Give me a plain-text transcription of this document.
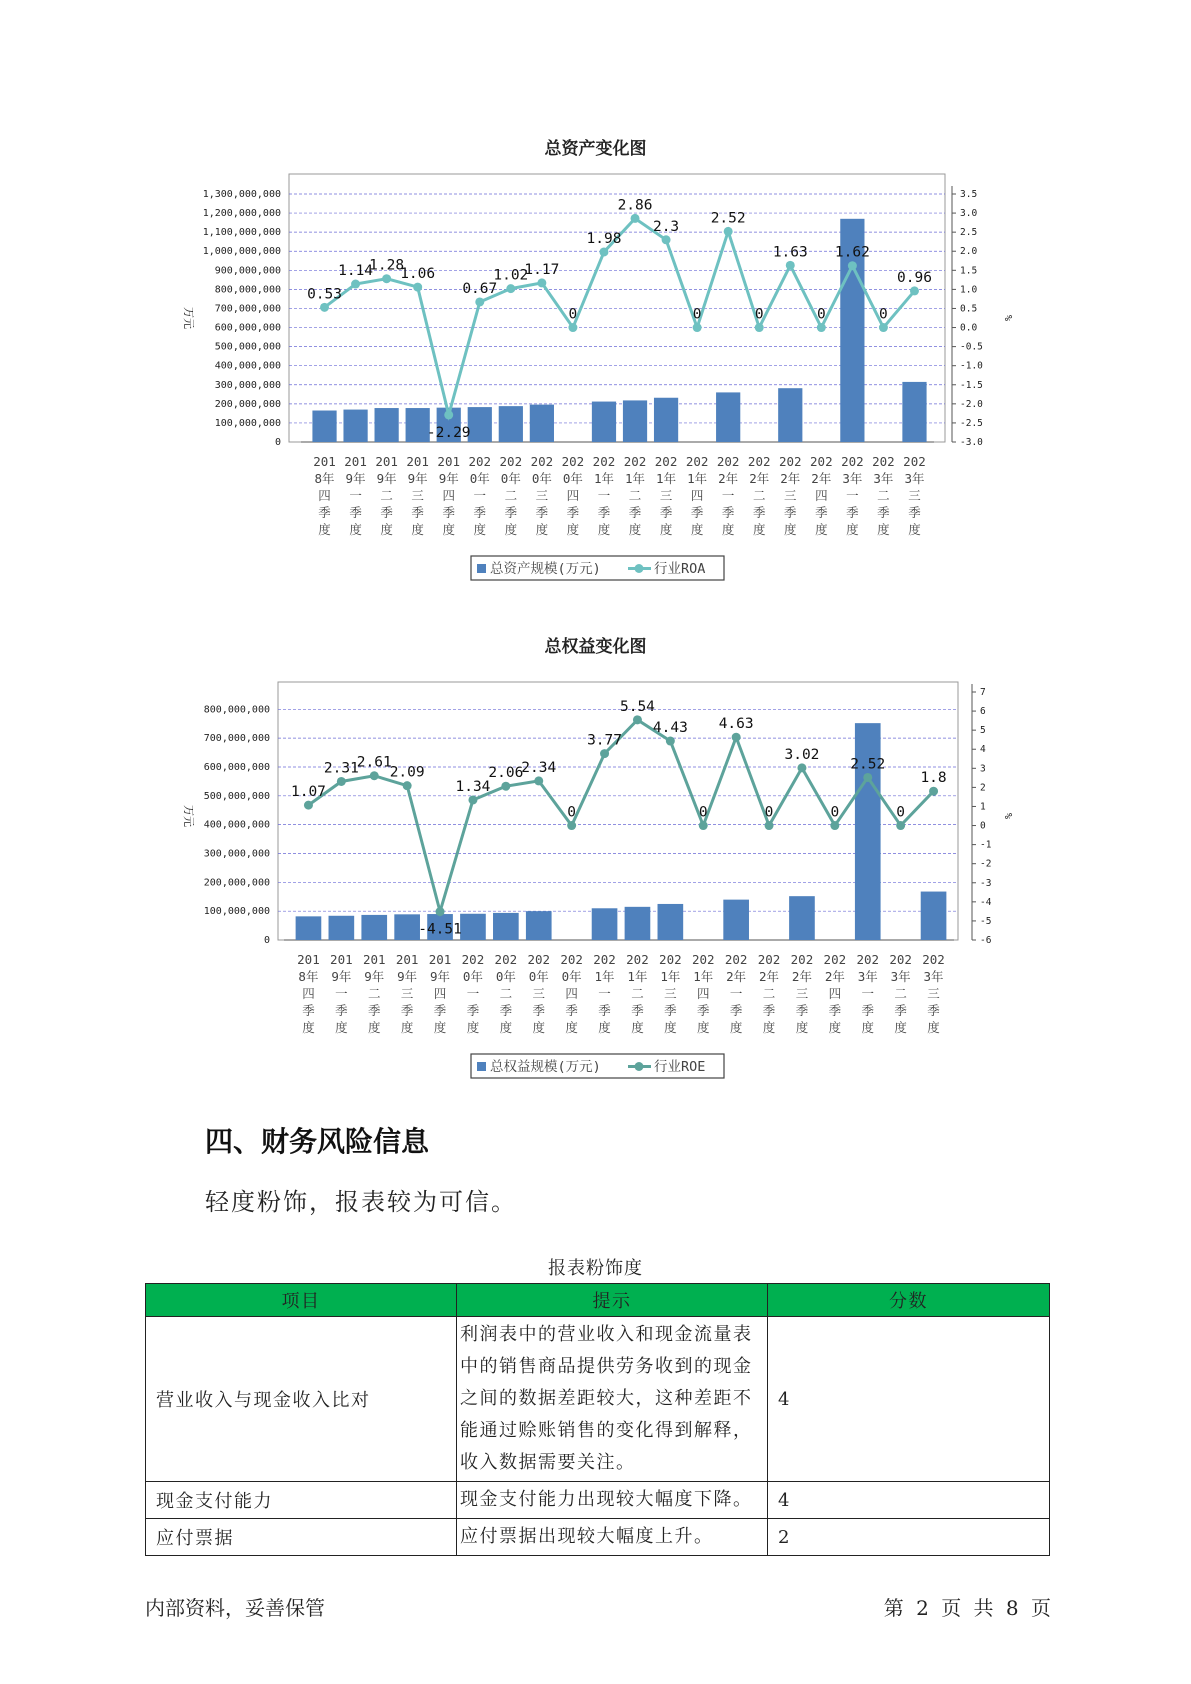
总资产变化图
0
100,000,000
200,000,000
300,000,000
400,000,000
500,000,000
600,000,000
700,000,000
800,000,000
900,000,000
1,000,000,000
1,100,000,000
1,200,000,000
1,300,000,000
-3.0
-2.5
-2.0
-1.5
-1.0
-0.5
0.0
0.5
1.0
1.5
2.0
2.5
3.0
3.5
万元	%
0.53
1.14
1.28
1.06
-2.29
0.67
1.02
1.17
0
1.98
2.86
2.3
0
2.52
0
1.63
0
1.62
0
0.96
201
8年
四
季
度
201
9年
一
季
度
201
9年
二
季
度
201
9年
三
季
度
201
9年
四
季
度
202
0年
一
季
度
202
0年
二
季
度
202
0年
三
季
度
202
0年
四
季
度
202
1年
一
季
度
202
1年
二
季
度
202
1年
三
季
度
202
1年
四
季
度
202
2年
一
季
度
202
2年
二
季
度
202
2年
三
季
度
202
2年
四
季
度
202
3年
一
季
度
202
3年
二
季
度
202
3年
三
季
度
总资产规模(万元)	行业ROA
总权益变化图
0
100,000,000
200,000,000
300,000,000
400,000,000
500,000,000
600,000,000
700,000,000
800,000,000
-6
-5
-4
-3
-2
-1
0
1
2
3
4
5
6
7
万元	%
1.07
2.31
2.61
2.09
-4.51
1.34
2.06
2.34
0
3.77
5.54
4.43
0
4.63
0
3.02
0
2.52
0
1.8
201
8年
四
季
度
201
9年
一
季
度
201
9年
二
季
度
201
9年
三
季
度
201
9年
四
季
度
202
0年
一
季
度
202
0年
二
季
度
202
0年
三
季
度
202
0年
四
季
度
202
1年
一
季
度
202
1年
二
季
度
202
1年
三
季
度
202
1年
四
季
度
202
2年
一
季
度
202
2年
二
季
度
202
2年
三
季
度
202
2年
四
季
度
202
3年
一
季
度
202
3年
二
季
度
202
3年
三
季
度
总权益规模(万元)	行业ROE
四、财务风险信息
轻度粉饰，报表较为可信。
报表粉饰度
项目	提示	分数
营业收入与现金收入比对	利润表中的营业收入和现金流量表中的销售商品提供劳务收到的现金之间的数据差距较大，这种差距不能通过赊账销售的变化得到解释，收入数据需要关注。	4
现金支付能力	现金支付能力出现较大幅度下降。	4
应付票据	应付票据出现较大幅度上升。	2
内部资料，妥善保管	第 2 页 共 8 页
